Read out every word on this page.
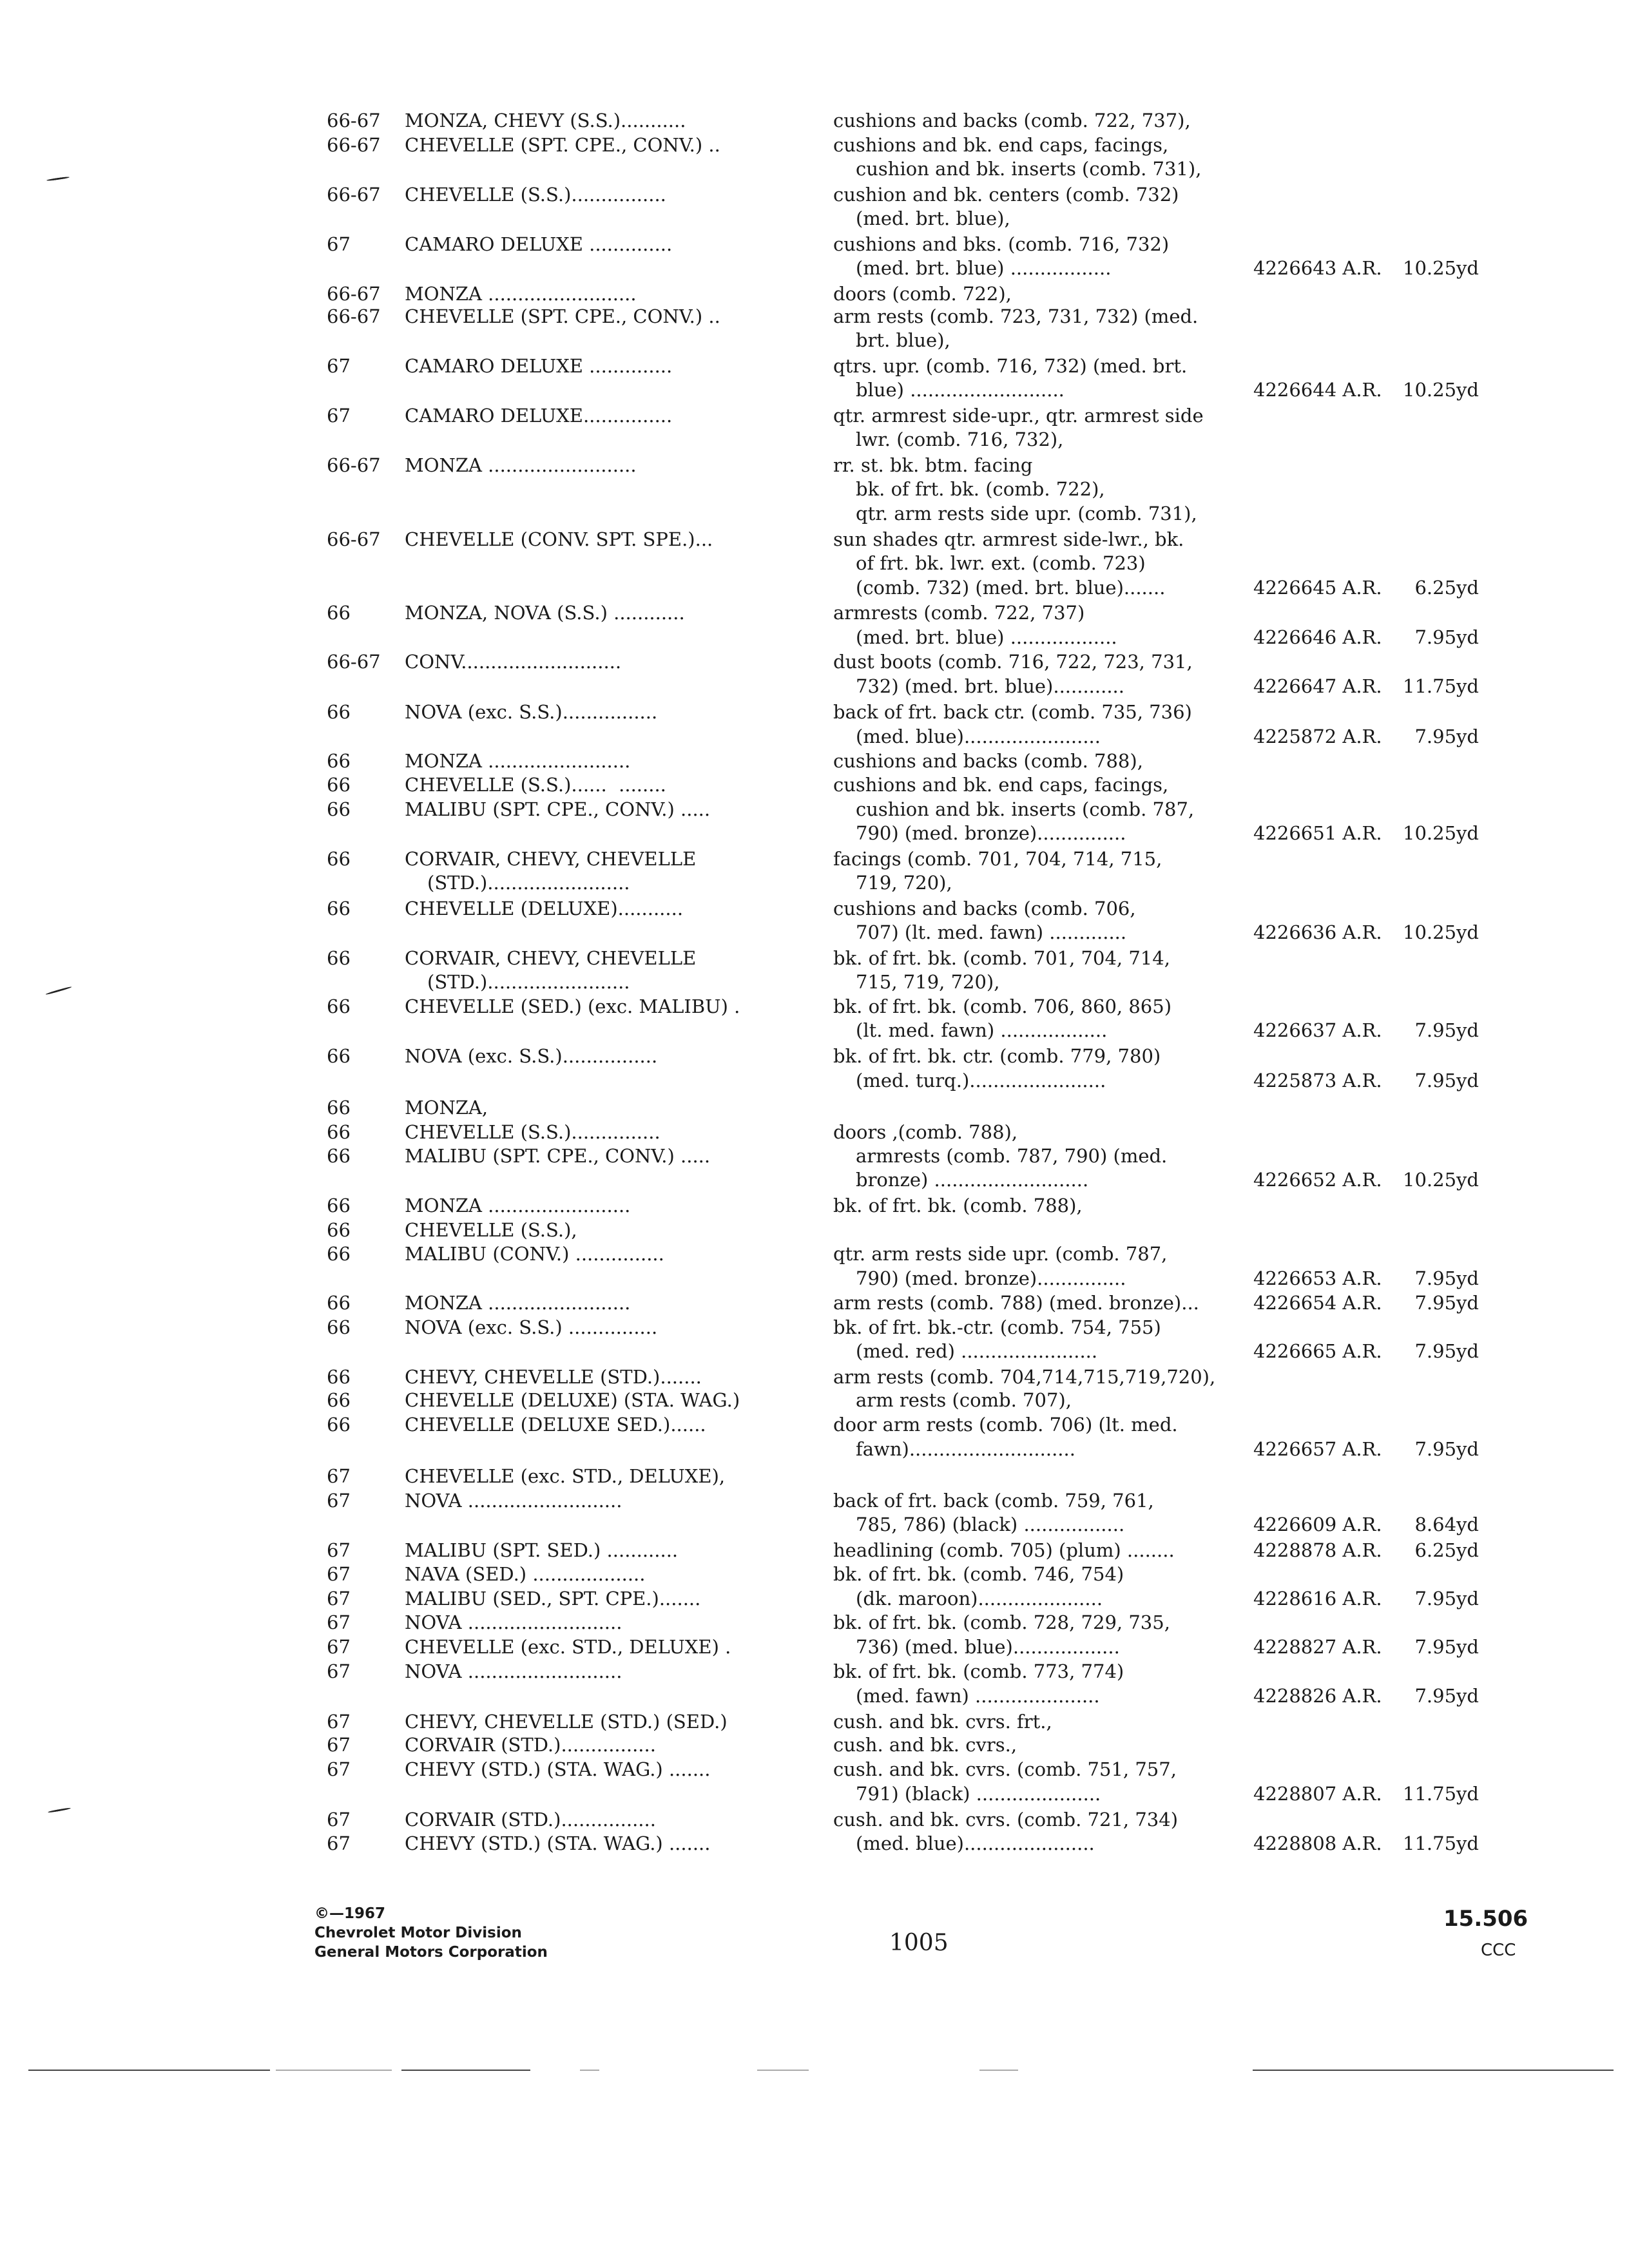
66-67 MONZA, CHEVY (S.S.)...........	cushions and backs (comb. 722, 737),
66-67 CHEVELLE (SPT. CPE., CONV.) ..	cushions and bk. end caps, facings,
cushion and bk. inserts (comb. 731),
66-67 CHEVELLE (S.S.)................	cushion and bk. centers (comb. 732)
(med. brt. blue),
67	CAMARO DELUXE ..............	cushions and bks. (comb. 716, 732)
(med. brt. blue) .................	4226643 A.R. 10.25yd
66-67 MONZA .........................	doors (comb. 722),
66-67 CHEVELLE (SPT. CPE., CONV.) ..	arm rests (comb. 723, 731, 732) (med.
brt. blue),
67	CAMARO DELUXE ..............	qtrs. upr. (comb. 716, 732) (med. brt.
blue) ..........................	4226644 A.R. 10.25yd
67	CAMARO DELUXE...............	qtr. armrest side-upr., qtr. armrest side
lwr. (comb. 716, 732),
66-67 MONZA .........................	rr. st. bk. btm. facing
bk. of frt. bk. (comb. 722),
qtr. arm rests side upr. (comb. 731),
66-67 CHEVELLE (CONV. SPT. SPE.)...	sun shades qtr. armrest side-lwr., bk.
of frt. bk. lwr. ext. (comb. 723)
(comb. 732) (med. brt. blue).......	4226645 A.R.	6.25yd
66	MONZA, NOVA (S.S.) ............	armrests (comb. 722, 737)
(med. brt. blue) ..................	4226646 A.R.	7.95yd
66-67 CONV...........................	dust boots (comb. 716, 722, 723, 731,
732) (med. brt. blue)............	4226647 A.R. 11.75yd
66	NOVA (exc. S.S.)................	back of frt. back ctr. (comb. 735, 736)
(med. blue).......................	4225872 A.R.	7.95yd
66	MONZA ........................	cushions and backs (comb. 788),
66	CHEVELLE (S.S.)......  ........	cushions and bk. end caps, facings,
66	MALIBU (SPT. CPE., CONV.) .....	cushion and bk. inserts (comb. 787,
790) (med. bronze)...............	4226651 A.R. 10.25yd
66	CORVAIR, CHEVY, CHEVELLE	facings (comb. 701, 704, 714, 715,
(STD.)........................	719, 720),
66	CHEVELLE (DELUXE)...........	cushions and backs (comb. 706,
707) (lt. med. fawn) .............	4226636 A.R. 10.25yd
66	CORVAIR, CHEVY, CHEVELLE	bk. of frt. bk. (comb. 701, 704, 714,
(STD.)........................	715, 719, 720),
66	CHEVELLE (SED.) (exc. MALIBU) .	bk. of frt. bk. (comb. 706, 860, 865)
(lt. med. fawn) ..................	4226637 A.R.	7.95yd
66	NOVA (exc. S.S.)................	bk. of frt. bk. ctr. (comb. 779, 780)
(med. turq.).......................	4225873 A.R.	7.95yd
66	MONZA,
66	CHEVELLE (S.S.)...............	doors ,(comb. 788),
66	MALIBU (SPT. CPE., CONV.) .....	armrests (comb. 787, 790) (med.
bronze) ..........................	4226652 A.R. 10.25yd
66	MONZA ........................	bk. of frt. bk. (comb. 788),
66	CHEVELLE (S.S.),
66	MALIBU (CONV.) ...............	qtr. arm rests side upr. (comb. 787,
790) (med. bronze)...............	4226653 A.R.	7.95yd
66	MONZA ........................	arm rests (comb. 788) (med. bronze)...	4226654 A.R.	7.95yd
66	NOVA (exc. S.S.) ...............	bk. of frt. bk.-ctr. (comb. 754, 755)
(med. red) .......................	4226665 A.R.	7.95yd
66	CHEVY, CHEVELLE (STD.).......	arm rests (comb. 704,714,715,719,720),
66	CHEVELLE (DELUXE) (STA. WAG.)	arm rests (comb. 707),
66	CHEVELLE (DELUXE SED.)......	door arm rests (comb. 706) (lt. med.
fawn)............................	4226657 A.R.	7.95yd
67	CHEVELLE (exc. STD., DELUXE),
67	NOVA ..........................	back of frt. back (comb. 759, 761,
785, 786) (black) .................	4226609 A.R.	8.64yd
67	MALIBU (SPT. SED.) ............	headlining (comb. 705) (plum) ........	4228878 A.R.	6.25yd
67	NAVA (SED.) ...................	bk. of frt. bk. (comb. 746, 754)
67	MALIBU (SED., SPT. CPE.).......	(dk. maroon).....................	4228616 A.R.	7.95yd
67	NOVA ..........................	bk. of frt. bk. (comb. 728, 729, 735,
67	CHEVELLE (exc. STD., DELUXE) .	736) (med. blue)..................	4228827 A.R.	7.95yd
67	NOVA ..........................	bk. of frt. bk. (comb. 773, 774)
(med. fawn) .....................	4228826 A.R.	7.95yd
67	CHEVY, CHEVELLE (STD.) (SED.)	cush. and bk. cvrs. frt.,
67	CORVAIR (STD.)................	cush. and bk. cvrs.,
67	CHEVY (STD.) (STA. WAG.) .......	cush. and bk. cvrs. (comb. 751, 757,
791) (black) .....................	4228807 A.R. 11.75yd
67	CORVAIR (STD.)................	cush. and bk. cvrs. (comb. 721, 734)
67	CHEVY (STD.) (STA. WAG.) .......	(med. blue)......................	4228808 A.R. 11.75yd
©—1967
Chevrolet Motor Division
General Motors Corporation	1005
15.506
CCC
